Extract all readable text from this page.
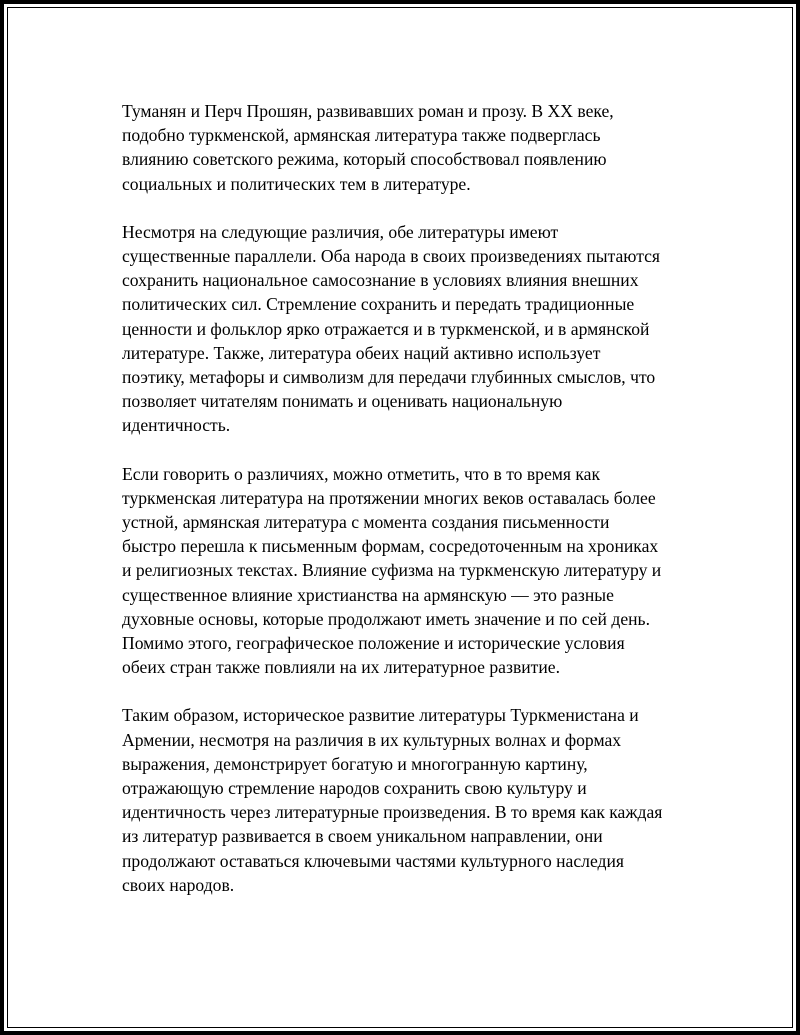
Туманян и Перч Прошян, развивавших роман и прозу. В XX веке,
подобно туркменской, армянская литература также подверглась
влиянию советского режима, который способствовал появлению
социальных и политических тем в литературе.

Несмотря на следующие различия, обе литературы имеют
существенные параллели. Оба народа в своих произведениях пытаются
сохранить национальное самосознание в условиях влияния внешних
политических сил. Стремление сохранить и передать традиционные
ценности и фольклор ярко отражается и в туркменской, и в армянской
литературе. Также, литература обеих наций активно использует
поэтику, метафоры и символизм для передачи глубинных смыслов, что
позволяет читателям понимать и оценивать национальную
идентичность.

Если говорить о различиях, можно отметить, что в то время как
туркменская литература на протяжении многих веков оставалась более
устной, армянская литература с момента создания письменности
быстро перешла к письменным формам, сосредоточенным на хрониках
и религиозных текстах. Влияние суфизма на туркменскую литературу и
существенное влияние христианства на армянскую — это разные
духовные основы, которые продолжают иметь значение и по сей день.
Помимо этого, географическое положение и исторические условия
обеих стран также повлияли на их литературное развитие.

Таким образом, историческое развитие литературы Туркменистана и
Армении, несмотря на различия в их культурных волнах и формах
выражения, демонстрирует богатую и многогранную картину,
отражающую стремление народов сохранить свою культуру и
идентичность через литературные произведения. В то время как каждая
из литератур развивается в своем уникальном направлении, они
продолжают оставаться ключевыми частями культурного наследия
своих народов.
